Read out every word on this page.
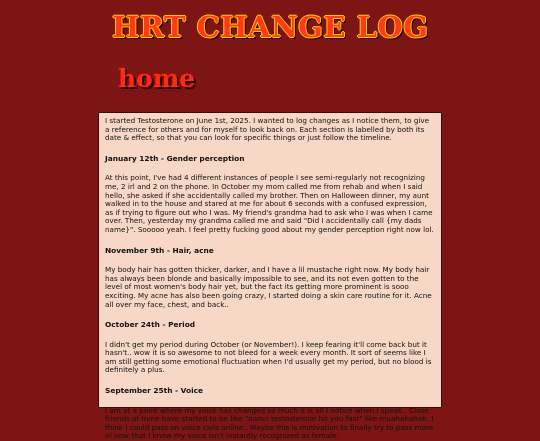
HRT CHANGE LOG
home

I started Testosterone on June 1st, 2025. I wanted to log changes as I notice them, to give a reference for others and for myself to look back on. Each section is labelled by both its date & effect, so that you can look for specific things or just follow the timeline.

January 12th - Gender perception

At this point, I've had 4 different instances of people I see semi-regularly not recognizing me, 2 irl and 2 on the phone. In October my mom called me from rehab and when I said hello, she asked if she accidentally called my brother. Then on Halloween dinner, my aunt walked in to the house and stared at me for about 6 seconds with a confused expression, as if trying to figure out who I was. My friend's grandma had to ask who I was when I came over. Then, yesterday my grandma called me and said "Did I accidentally call {my dads name}". Sooooo yeah. I feel pretty fucking good about my gender perception right now lol.

November 9th - Hair, acne

My body hair has gotten thicker, darker, and I have a lil mustache right now. My body hair has always been blonde and basically impossible to see, and its not even gotten to the level of most women's body hair yet, but the fact its getting more prominent is sooo exciting. My acne has also been going crazy, I started doing a skin care routine for it. Acne all over my face, chest, and back..

October 24th - Period

I didn't get my period during October (or November!). I keep fearing it'll come back but it hasn't.. wow it is so awesome to not bleed for a week every month. It sort of seems like I am still getting some emotional fluctuation when I'd usually get my period, but no blood is definitely a plus.

September 25th - Voice

I am at a point where my voice has changed so much it is all I notice when I speak.. Close friends of mine have started to be like "damn testosterone hit you fast" like muahahahah. I think I could pass on voice calls online.. Maybe this is motivation to finally try to pass more irl now that I know my voice isn't instantly recognized as female.
